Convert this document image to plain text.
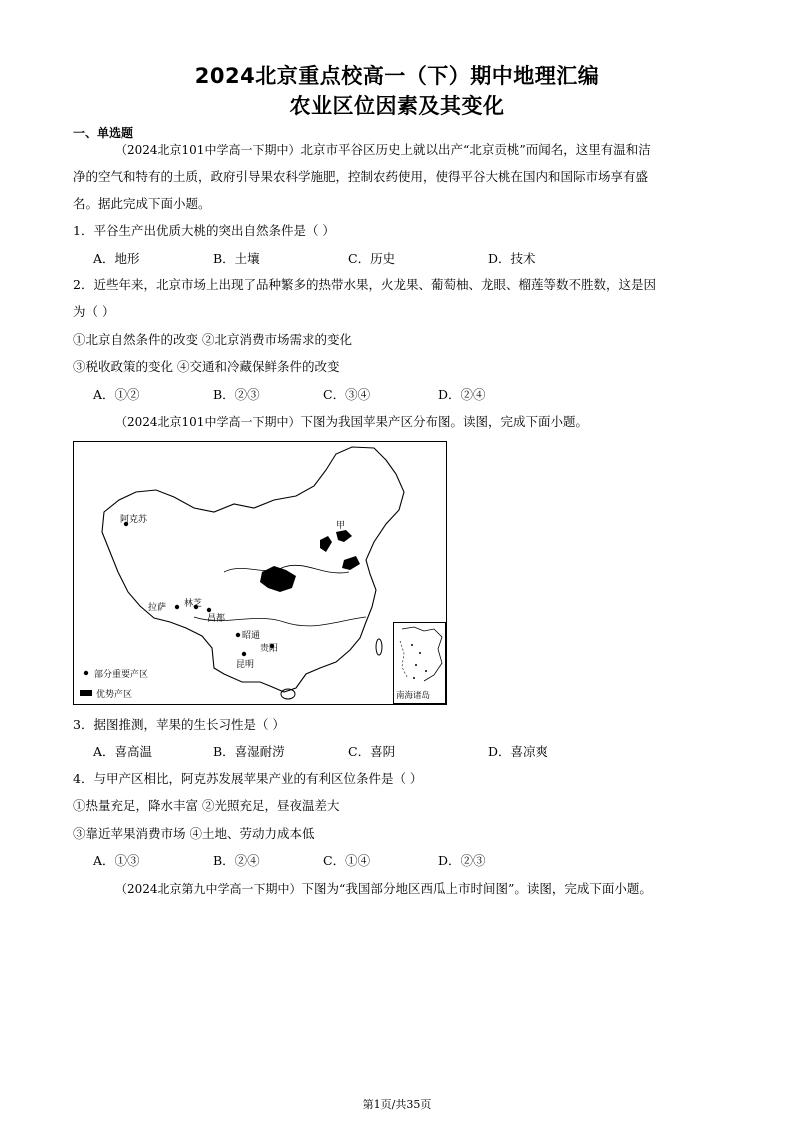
2024北京重点校高一（下）期中地理汇编
农业区位因素及其变化
一、单选题
（2024北京101中学高一下期中）北京市平谷区历史上就以出产“北京贡桃”而闻名，这里有温和洁
净的空气和特有的土质，政府引导果农科学施肥，控制农药使用，使得平谷大桃在国内和国际市场享有盛
名。据此完成下面小题。
1．平谷生产出优质大桃的突出自然条件是（ ）
A．地形	B．土壤	C．历史	D．技术
2．近些年来，北京市场上出现了品种繁多的热带水果，火龙果、葡萄柚、龙眼、榴莲等数不胜数，这是因
为（ ）
①北京自然条件的改变 ②北京消费市场需求的变化
③税收政策的变化 ④交通和冷藏保鲜条件的改变
A．①②	B．②③	C．③④	D．②④
（2024北京101中学高一下期中）下图为我国苹果产区分布图。读图，完成下面小题。
阿克苏
甲
拉萨 林芝
昌都
昭通
贵阳
昆明
部分重要产区
优势产区	南海诸岛
3．据图推测，苹果的生长习性是（ ）
A．喜高温	B．喜湿耐涝	C．喜阴	D．喜凉爽
4．与甲产区相比，阿克苏发展苹果产业的有利区位条件是（ ）
①热量充足，降水丰富 ②光照充足，昼夜温差大
③靠近苹果消费市场 ④土地、劳动力成本低
A．①③	B．②④	C．①④	D．②③
（2024北京第九中学高一下期中）下图为“我国部分地区西瓜上市时间图”。读图，完成下面小题。
第1页/共35页
